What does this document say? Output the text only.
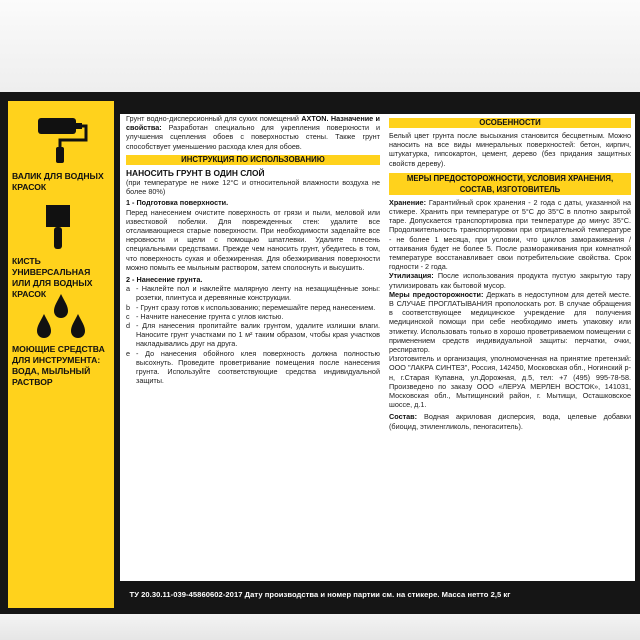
ВАЛИК ДЛЯ ВОДНЫХ КРАСОК
КИСТЬ УНИВЕРСАЛЬНАЯ ИЛИ ДЛЯ ВОДНЫХ КРАСОК
МОЮЩИЕ СРЕДСТВА ДЛЯ ИНСТРУМЕНТА: ВОДА, МЫЛЬНЫЙ РАСТВОР

Грунт водно-дисперсионный для сухих помещений AXTON. Назначение и свойства: Разработан специально для укрепления поверхности и улучшения сцепления обоев с поверхностью стены. Также грунт способствует уменьшению расхода клея для обоев.

ИНСТРУКЦИЯ ПО ИСПОЛЬЗОВАНИЮ
НАНОСИТЬ ГРУНТ В ОДИН СЛОЙ

(при температуре не ниже 12°С и относительной влажности воздуха не более 80%)

1 - Подготовка поверхности.

Перед нанесением очистите поверхность от грязи и пыли, меловой или известковой побелки. Для поврежденных стен: удалите все отслаивающиеся старые поверхности. При необходимости заделайте все неровности и щели с помощью шпатлевки. Удалите плесень специальными средствами. Прежде чем наносить грунт, убедитесь в том, что поверхность сухая и обезжиренная. Для обезжиривания поверхности можно помыть ее мыльным раствором, затем сполоснуть и высушить.

2 - Нанесение грунта.
a - Наклейте пол и наклейте малярную ленту на незащищённые зоны: розетки, плинтуса и деревянные конструкции.
b - Грунт сразу готов к использованию; перемешайте перед нанесением.
c - Начните нанесение грунта с углов кистью.
d - Для нанесения пропитайте валик грунтом, удалите излишки влаги. Наносите грунт участками по 1 м² таким образом, чтобы края участков накладывались друг на друга.
e - До нанесения обойного клея поверхность должна полностью высохнуть. Проведите проветривание помещения после нанесения грунта. Используйте соответствующие средства индивидуальной защиты.
ОСОБЕННОСТИ

Белый цвет грунта после высыхания становится бесцветным. Можно наносить на все виды минеральных поверхностей: бетон, кирпич, штукатурка, гипсокартон, цемент, дерево (без придания защитных свойств дереву).

МЕРЫ ПРЕДОСТОРОЖНОСТИ, УСЛОВИЯ ХРАНЕНИЯ, СОСТАВ, ИЗГОТОВИТЕЛЬ

Хранение: Гарантийный срок хранения - 2 года с даты, указанной на стикере. Хранить при температуре от 5°С до 35°С в плотно закрытой таре. Допускается транспортировка при температуре до минус 35°С. Продолжительность транспортировки при отрицательной температуре - не более 1 месяца, при условии, что циклов замораживания / оттаивания будет не более 5. После размораживания при комнатной температуре восстанавливает свои потребительские свойства. Срок годности - 2 года.

Утилизация: После использования продукта пустую закрытую тару утилизировать как бытовой мусор.

Меры предосторожности: Держать в недоступном для детей месте. В СЛУЧАЕ ПРОГЛАТЫВАНИЯ прополоскать рот. В случае обращения в соответствующее медицинское учреждение для получения медицинской помощи при себе необходимо иметь упаковку или этикетку. Использовать только в хорошо проветриваемом помещении с применением средств индивидуальной защиты: перчатки, очки, респиратор.

Изготовитель и организация, уполномоченная на принятие претензий: ООО "ЛАКРА СИНТЕЗ", Россия, 142450, Московская обл., Ногинский р-н, г.Старая Купавна, ул.Дорожная, д.5, тел: +7 (495) 995-78-58. Произведено по заказу ООО «ЛЕРУА МЕРЛЕН ВОСТОК», 141031, Московская обл., Мытищинский район, г. Мытищи, Осташковское шоссе, д.1.

Состав: Водная акриловая дисперсия, вода, целевые добавки (биоцид, этиленгликоль, пеногаситель).

ТУ 20.30.11-039-45860602-2017 Дату производства и номер партии см. на стикере. Масса нетто 2,5 кг
